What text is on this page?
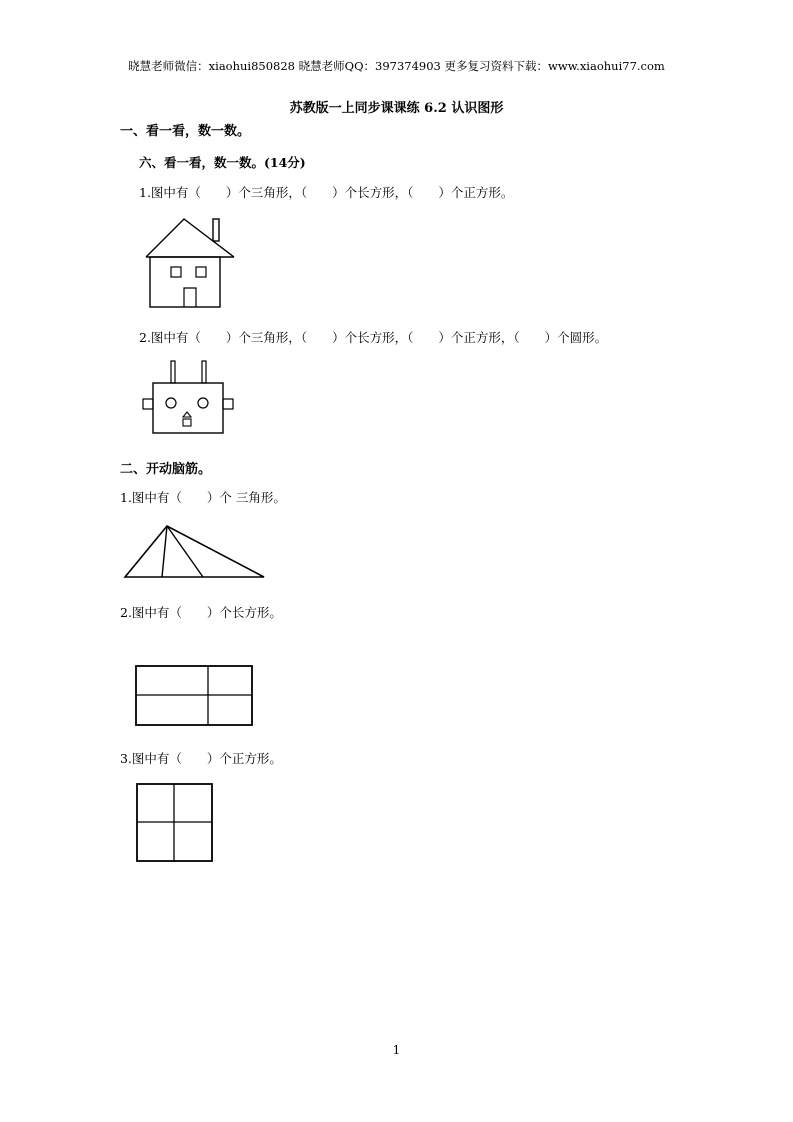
晓慧老师微信：xiaohui850828 晓慧老师QQ：397374903 更多复习资料下载：www.xiaohui77.com
苏教版一上同步课课练 6.2 认识图形
一、看一看，数一数。
六、看一看，数一数。(14分)
1.图中有（　　）个三角形，（　　）个长方形，（　　）个正方形。
2.图中有（　　）个三角形，（　　）个长方形，（　　）个正方形，（　　）个圆形。
二、开动脑筋。
1.图中有（　　）个 三角形。
2.图中有（　　）个长方形。
3.图中有（　　）个正方形。
1
